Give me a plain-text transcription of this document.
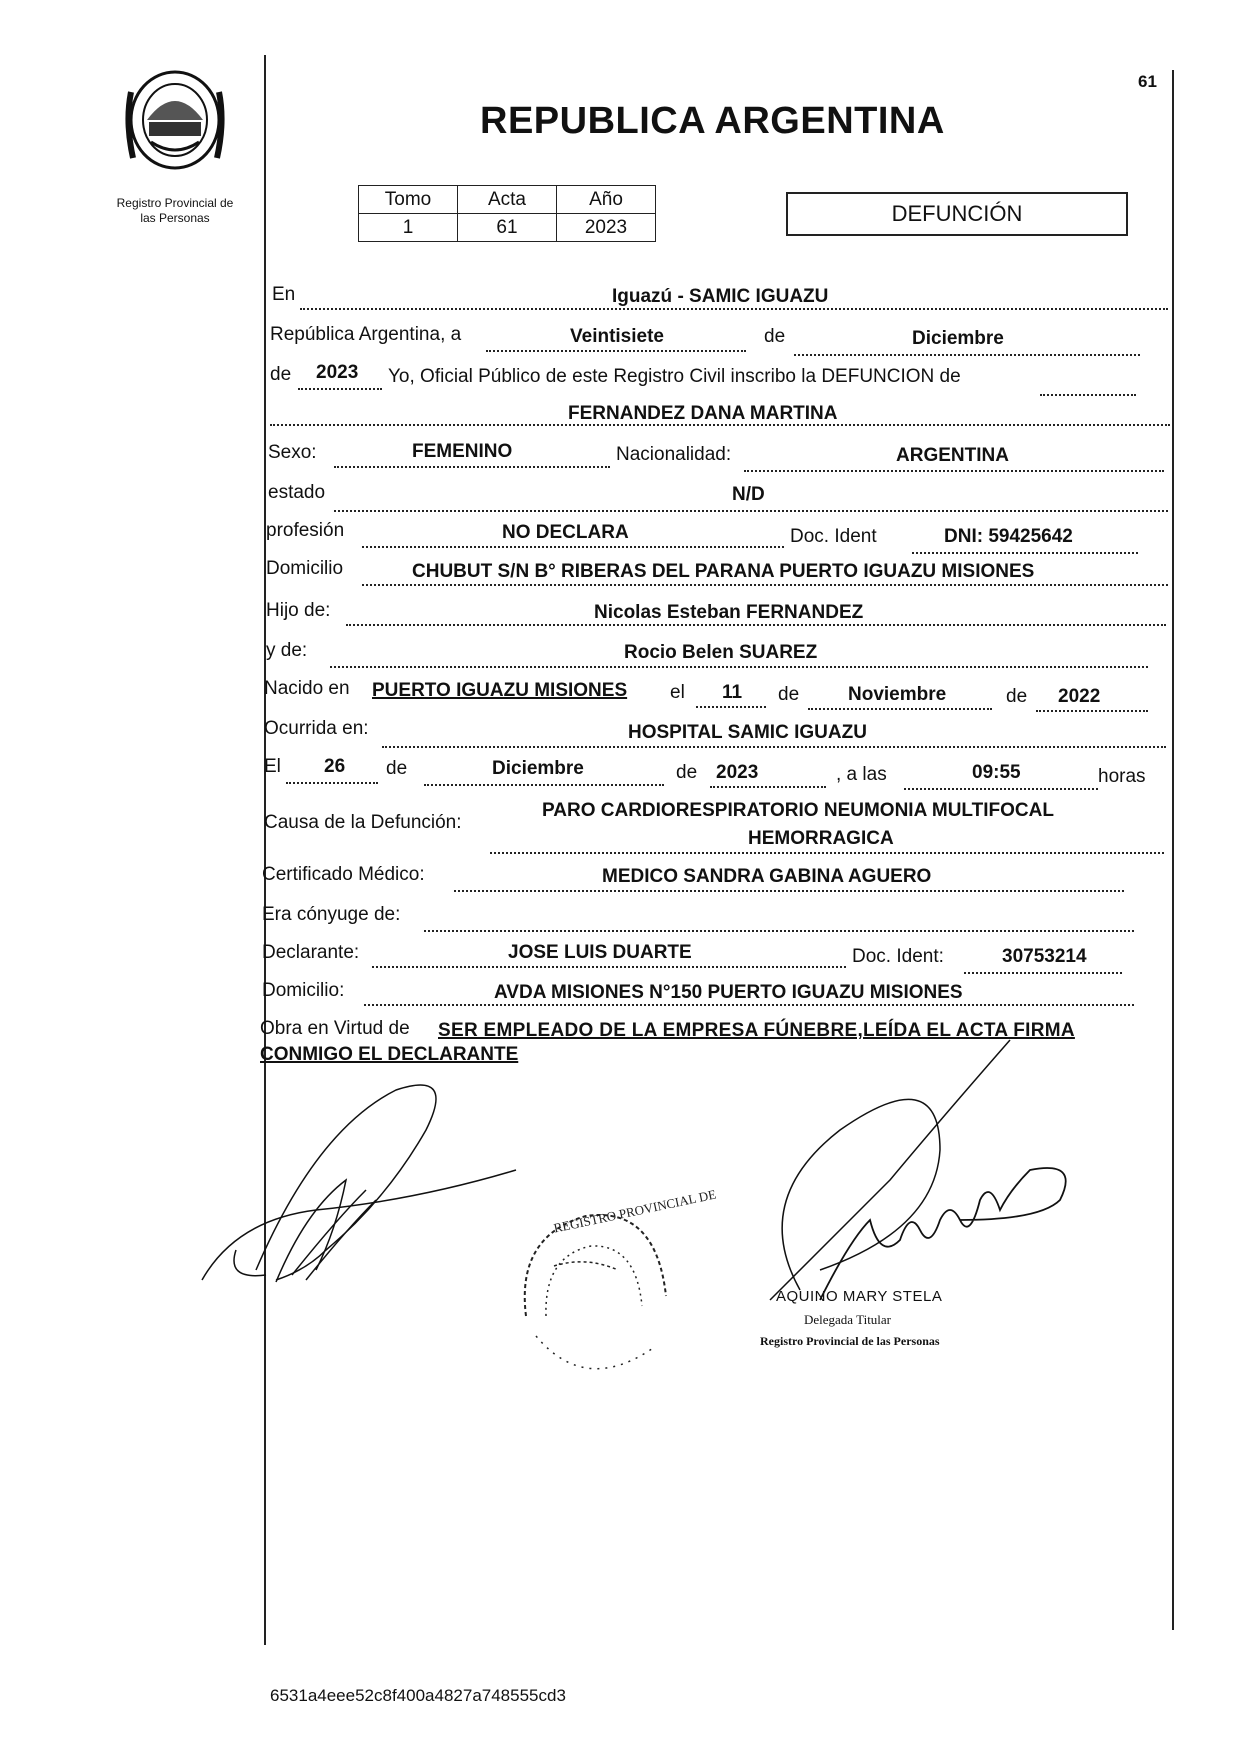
Registro Provincial de
las Personas
REPUBLICA ARGENTINA
61
Tomo	Acta	Año
1	61	2023
DEFUNCIÓN
En	Iguazú - SAMIC IGUAZU
República Argentina, a	Veintisiete	de	Diciembre
de 2023 Yo, Oficial Público de este Registro Civil inscribo la DEFUNCION de
FERNANDEZ DANA MARTINA
Sexo:	FEMENINO	Nacionalidad:	ARGENTINA
estado	N/D
profesión	NO DECLARA	Doc. Ident	DNI: 59425642
Domicilio	CHUBUT S/N B° RIBERAS DEL PARANA PUERTO IGUAZU MISIONES
Hijo de:	Nicolas Esteban FERNANDEZ
y de:	Rocio Belen SUAREZ
Nacido en PUERTO IGUAZU MISIONES el 11 de	Noviembre	de 2022
Ocurrida en:	HOSPITAL SAMIC IGUAZU
El 26 de	Diciembre	de 2023	, a las	09:55	horas
Causa de la Defunción:
PARO CARDIORESPIRATORIO NEUMONIA MULTIFOCAL
HEMORRAGICA
Certificado Médico:	MEDICO SANDRA GABINA AGUERO
Era cónyuge de:
Declarante:	JOSE LUIS DUARTE	Doc. Ident:	30753214
Domicilio:	AVDA MISIONES N°150 PUERTO IGUAZU MISIONES
Obra en Virtud de SER EMPLEADO DE LA EMPRESA FÚNEBRE,LEÍDA EL ACTA FIRMA
CONMIGO EL DECLARANTE
REGISTRO PROVINCIAL DE
AQUINO MARY STELA
Delegada Titular
Registro Provincial de las Personas
6531a4eee52c8f400a4827a748555cd3
